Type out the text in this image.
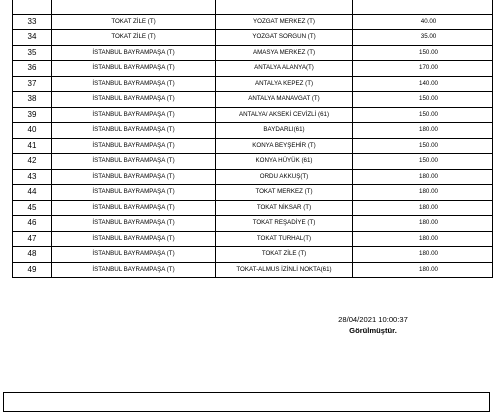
33	TOKAT ZİLE (T)	YOZGAT MERKEZ (T)	40.00
34	TOKAT ZİLE (T)	YOZGAT SORGUN (T)	35.00
35	İSTANBUL BAYRAMPAŞA (T)	AMASYA MERKEZ (T)	150.00
36	İSTANBUL BAYRAMPAŞA (T)	ANTALYA ALANYA(T)	170.00
37	İSTANBUL BAYRAMPAŞA (T)	ANTALYA KEPEZ (T)	140.00
38	İSTANBUL BAYRAMPAŞA (T)	ANTALYA MANAVGAT (T)	150.00
39	İSTANBUL BAYRAMPAŞA (T)	ANTALYA/ AKSEKİ CEVİZLİ (61)	150.00
40	İSTANBUL BAYRAMPAŞA (T)	BAYDARLI(61)	180.00
41	İSTANBUL BAYRAMPAŞA (T)	KONYA BEYŞEHİR (T)	150.00
42	İSTANBUL BAYRAMPAŞA (T)	KONYA HÜYÜK (61)	150.00
43	İSTANBUL BAYRAMPAŞA (T)	ORDU AKKUŞ(T)	180.00
44	İSTANBUL BAYRAMPAŞA (T)	TOKAT MERKEZ (T)	180.00
45	İSTANBUL BAYRAMPAŞA (T)	TOKAT NİKSAR (T)	180.00
46	İSTANBUL BAYRAMPAŞA (T)	TOKAT REŞADİYE (T)	180.00
47	İSTANBUL BAYRAMPAŞA (T)	TOKAT TURHAL(T)	180.00
48	İSTANBUL BAYRAMPAŞA (T)	TOKAT ZİLE (T)	180.00
49	İSTANBUL BAYRAMPAŞA (T)	TOKAT-ALMUS İZİNLİ NOKTA(61)	180.00
28/04/2021 10:00:37
Görülmüştür.
